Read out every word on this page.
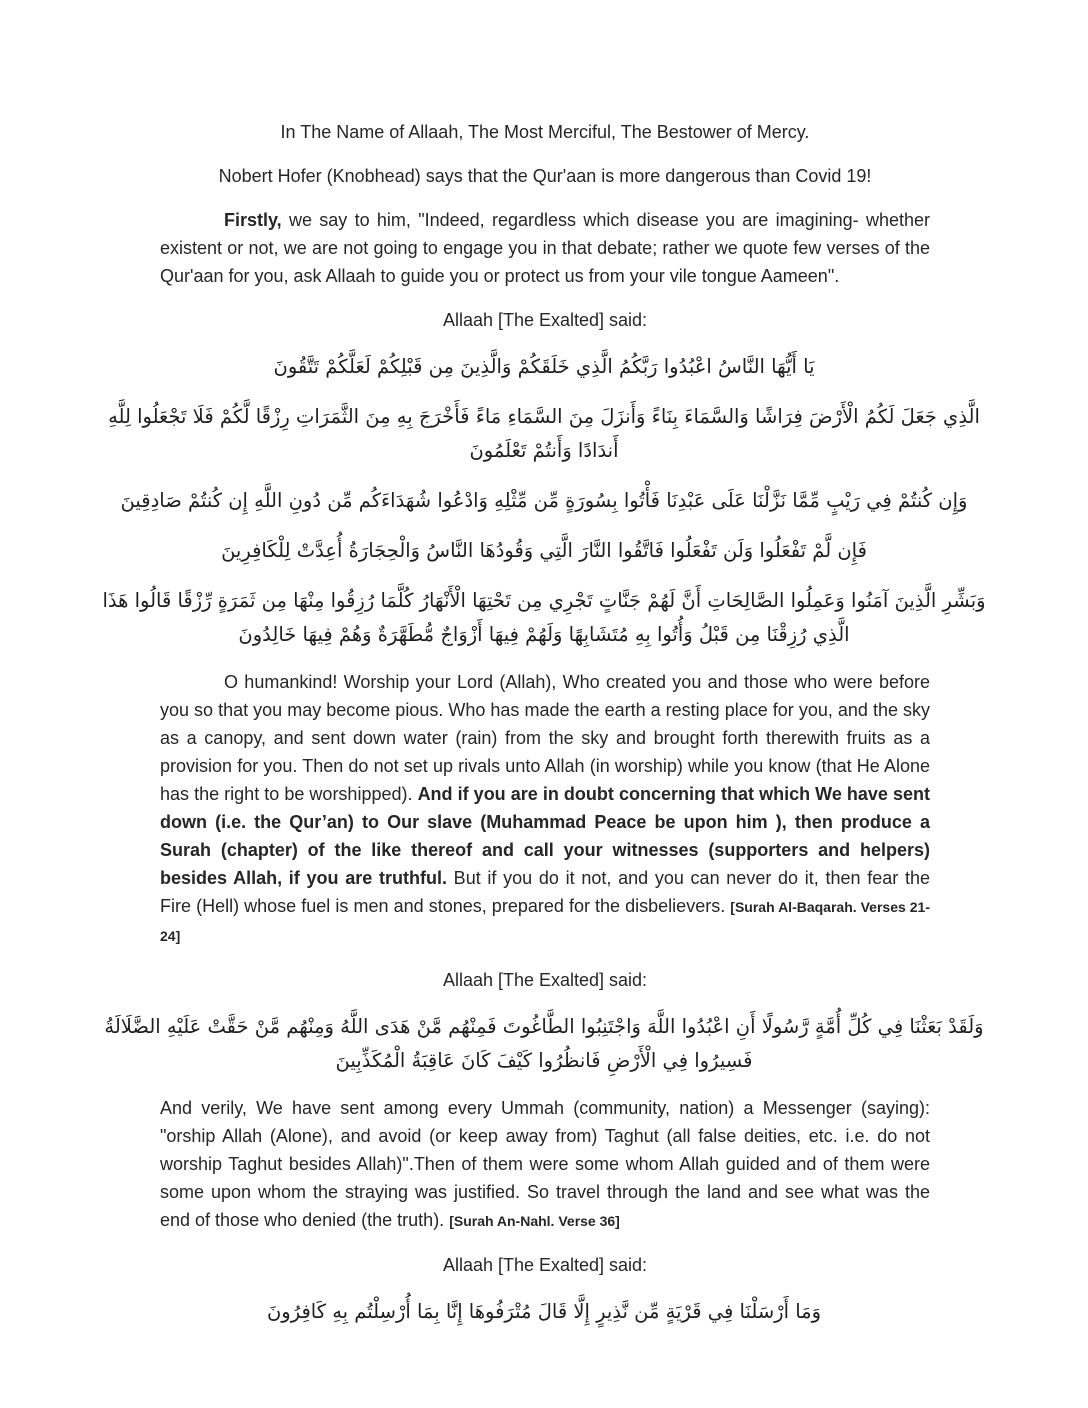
In The Name of Allaah, The Most Merciful, The Bestower of Mercy.

Nobert Hofer (Knobhead) says that the Qur'aan is more dangerous than Covid 19!

Firstly, we say to him, "Indeed, regardless which disease you are imagining- whether existent or not, we are not going to engage you in that debate; rather we quote few verses of the Qur'aan for you, ask Allaah to guide you or protect us from your vile tongue Aameen".

Allaah [The Exalted] said:

يَا أَيُّهَا النَّاسُ اعْبُدُوا رَبَّكُمُ الَّذِي خَلَقَكُمْ وَالَّذِينَ مِن قَبْلِكُمْ لَعَلَّكُمْ تَتَّقُونَ

الَّذِي جَعَلَ لَكُمُ الْأَرْضَ فِرَاشًا وَالسَّمَاءَ بِنَاءً وَأَنزَلَ مِنَ السَّمَاءِ مَاءً فَأَخْرَجَ بِهِ مِنَ الثَّمَرَاتِ رِزْقًا لَّكُمْ فَلَا تَجْعَلُوا لِلَّهِ أَندَادًا وَأَنتُمْ تَعْلَمُونَ

وَإِن كُنتُمْ فِي رَيْبٍ مِّمَّا نَزَّلْنَا عَلَى عَبْدِنَا فَأْتُوا بِسُورَةٍ مِّن مِّثْلِهِ وَادْعُوا شُهَدَاءَكُم مِّن دُونِ اللَّهِ إِن كُنتُمْ صَادِقِينَ

فَإِن لَّمْ تَفْعَلُوا وَلَن تَفْعَلُوا فَاتَّقُوا النَّارَ الَّتِي وَقُودُهَا النَّاسُ وَالْحِجَارَةُ أُعِدَّتْ لِلْكَافِرِينَ

وَبَشِّرِ الَّذِينَ آمَنُوا وَعَمِلُوا الصَّالِحَاتِ أَنَّ لَهُمْ جَنَّاتٍ تَجْرِي مِن تَحْتِهَا الْأَنْهَارُ كُلَّمَا رُزِقُوا مِنْهَا مِن ثَمَرَةٍ رِّزْقًا قَالُوا هَذَا الَّذِي رُزِقْنَا مِن قَبْلُ وَأُتُوا بِهِ مُتَشَابِهًا وَلَهُمْ فِيهَا أَزْوَاجٌ مُّطَهَّرَةٌ وَهُمْ فِيهَا خَالِدُونَ

O humankind! Worship your Lord (Allah), Who created you and those who were before you so that you may become pious. Who has made the earth a resting place for you, and the sky as a canopy, and sent down water (rain) from the sky and brought forth therewith fruits as a provision for you. Then do not set up rivals unto Allah (in worship) while you know (that He Alone has the right to be worshipped). And if you are in doubt concerning that which We have sent down (i.e. the Qur’an) to Our slave (Muhammad Peace be upon him ), then produce a Surah (chapter) of the like thereof and call your witnesses (supporters and helpers) besides Allah, if you are truthful. But if you do it not, and you can never do it, then fear the Fire (Hell) whose fuel is men and stones, prepared for the disbelievers. [Surah Al-Baqarah. Verses 21-24]

Allaah [The Exalted] said:

وَلَقَدْ بَعَثْنَا فِي كُلِّ أُمَّةٍ رَّسُولًا أَنِ اعْبُدُوا اللَّهَ وَاجْتَنِبُوا الطَّاغُوتَ فَمِنْهُم مَّنْ هَدَى اللَّهُ وَمِنْهُم مَّنْ حَقَّتْ عَلَيْهِ الضَّلَالَةُ فَسِيرُوا فِي الْأَرْضِ فَانظُرُوا كَيْفَ كَانَ عَاقِبَةُ الْمُكَذِّبِينَ

And verily, We have sent among every Ummah (community, nation) a Messenger (saying): "orship Allah (Alone), and avoid (or keep away from) Taghut (all false deities, etc. i.e. do not worship Taghut besides Allah)".Then of them were some whom Allah guided and of them were some upon whom the straying was justified. So travel through the land and see what was the end of those who denied (the truth). [Surah An-Nahl. Verse 36]

Allaah [The Exalted] said:

وَمَا أَرْسَلْنَا فِي قَرْيَةٍ مِّن نَّذِيرٍ إِلَّا قَالَ مُتْرَفُوهَا إِنَّا بِمَا أُرْسِلْتُم بِهِ كَافِرُونَ
